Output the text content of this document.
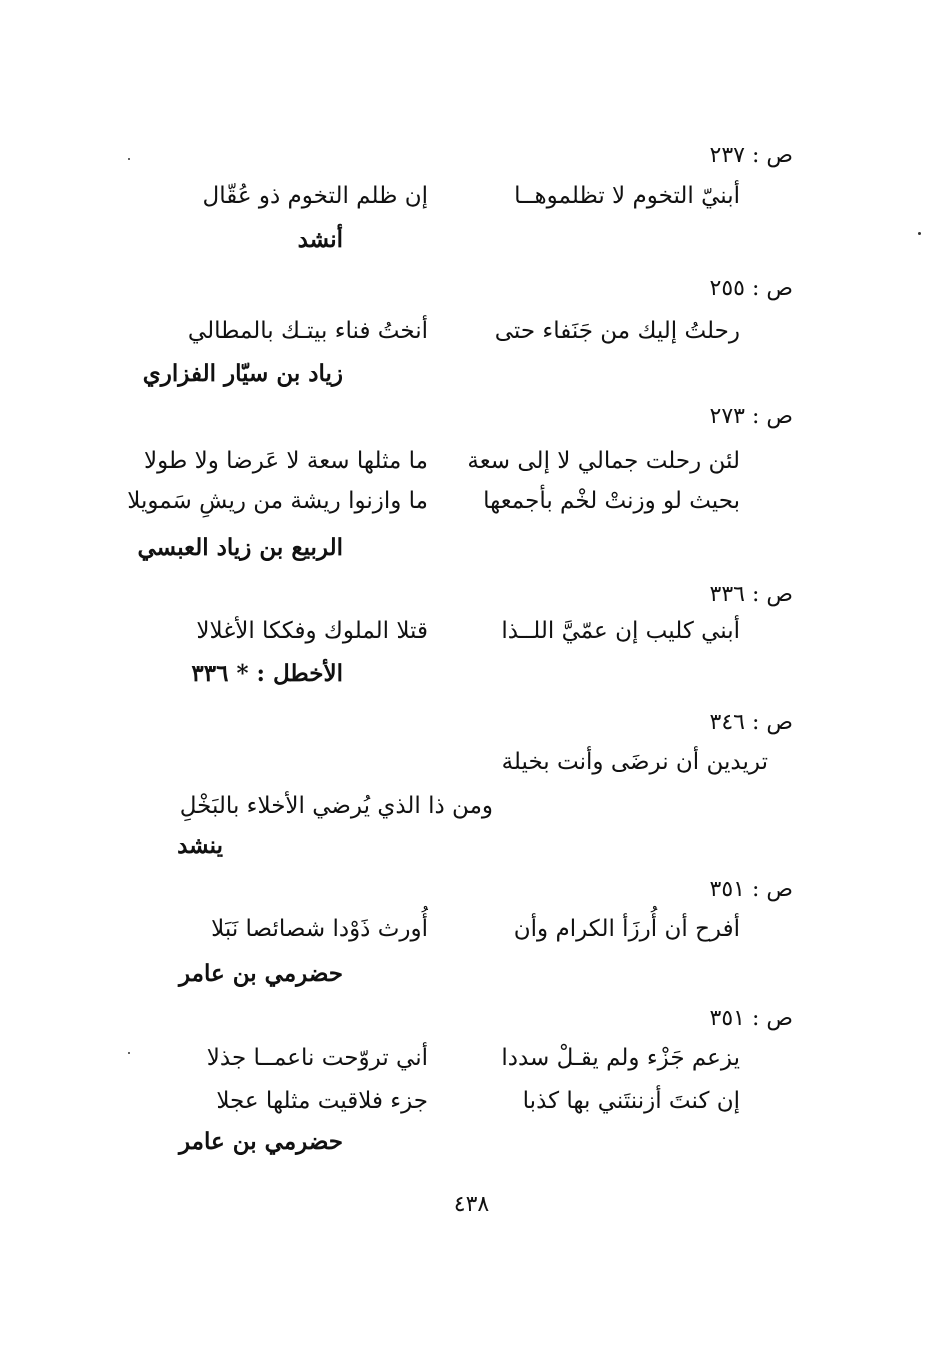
ص : ٢٣٧
أبنيّ التخوم لا تظلموهــا
إن ظلم التخوم ذو عُقّال
أنشد
ص : ٢٥٥
رحلتُ إليك من جَنَفاء حتى
أنختُ فناء بيتـك بالمطالي
زياد بن سيّار الفزاري
ص : ٢٧٣
لئن رحلت جمالي لا إلى سعة
ما مثلها سعة لا عَرضا ولا طولا
بحيث لو وزنتْ لخْم بأجمعها
ما وازنوا ريشة من ريشِ سَمويلا
الربيع بن زياد العبسي
ص : ٣٣٦
أبني كليب إن عمّيَّ اللــذا
قتلا الملوك وفككا الأغلالا
الأخطل : * ٣٣٦
ص : ٣٤٦
تريدين أن نرضَى وأنت بخيلة
ومن ذا الذي يُرضي الأخلاء بالبَخْلِ
ينشد
ص : ٣٥١
أفرح أن أُرزَأ الكرام وأن
أُورث ذَوْدا شصائصا نَبَلا
حضرمي بن عامر
ص : ٣٥١
يزعم جَزْء ولم يقـلْ سددا
أني تروّحت ناعمــا جذلا
إن كنتَ أزننتَني بها كذبا
جزء فلاقيت مثلها عجلا
حضرمي بن عامر
٤٣٨
